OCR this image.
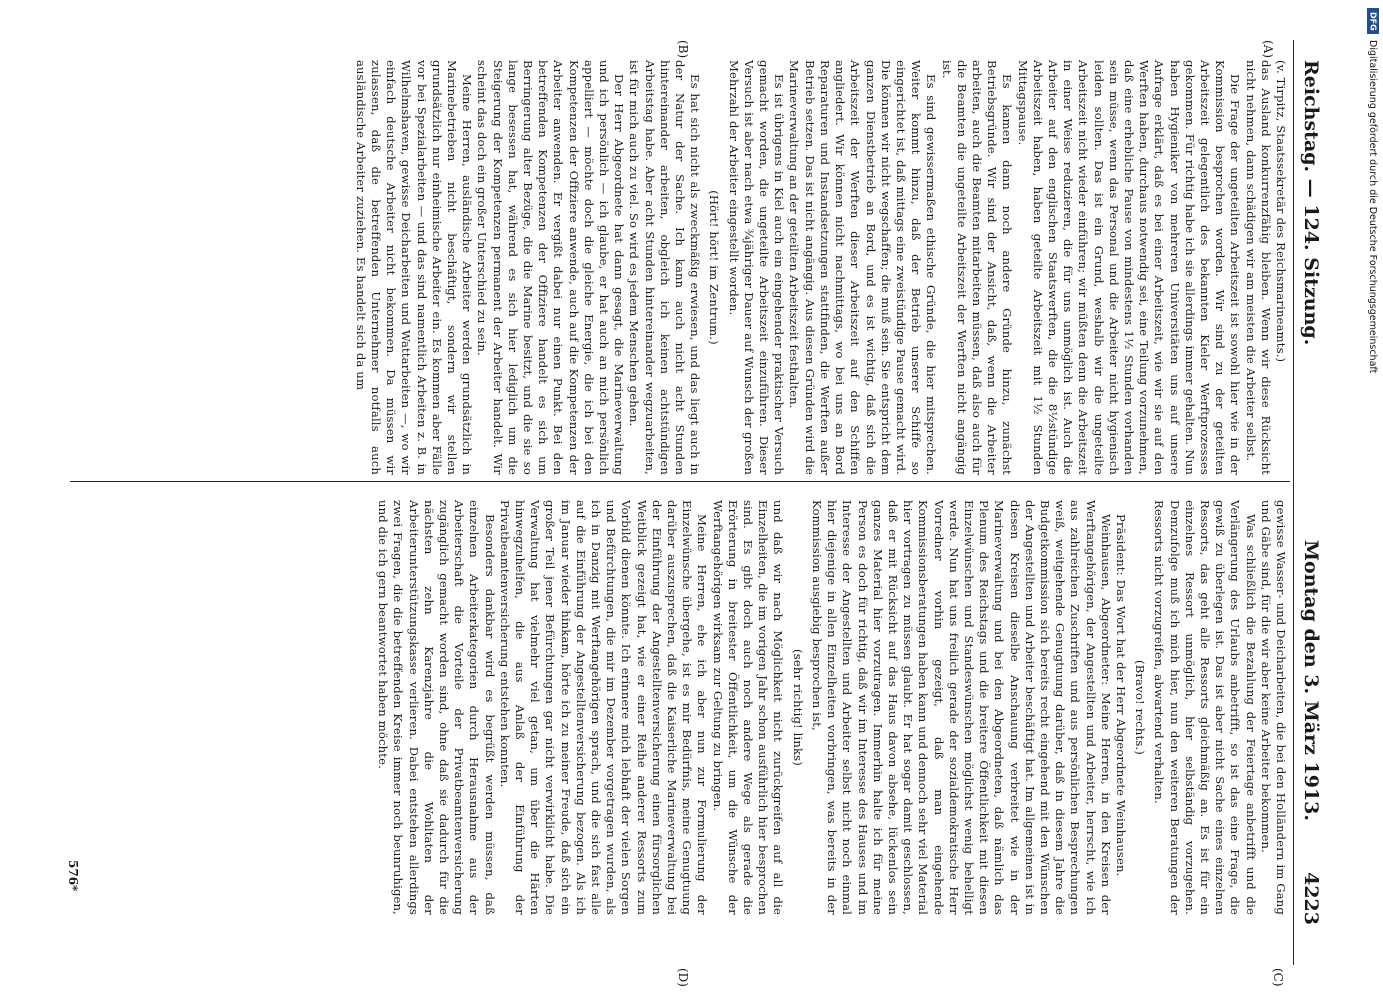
Reichstag. — 124. Sitzung.
4223
Montag den 3. März 1913.

(v. Tirpitz, Staatssekretär des Reichsmarineamts.)

das Ausland konkurrenzfähig bleiben. Wenn wir diese Rücksicht nicht nehmen, dann schädigen wir am meisten die Arbeiter selbst.

Die Frage der ungeteilten Arbeitszeit ist sowohl hier wie in der Kommission besprochen worden. Wir sind zu der geteilten Arbeitszeit gelegentlich des bekannten Kieler Werftprozesses gekommen. Für richtig habe ich sie allerdings immer gehalten. Nun haben Hygieniker von mehreren Universitäten uns auf unsere Anfrage erklärt, daß es bei einer Arbeitszeit, wie wir sie auf den Werften haben, durchaus notwendig sei, eine Teilung vorzunehmen, daß eine erhebliche Pause von mindestens 1½ Stunden vorhanden sein müsse, wenn das Personal und die Arbeiter nicht hygienisch leiden sollten. Das ist ein Grund, weshalb wir die ungeteilte Arbeitszeit nicht wieder einführen; wir müßten denn die Arbeitszeit in einer Weise reduzieren, die für uns unmöglich ist. Auch die Arbeiter auf den englischen Staatswerften, die die 8½stündige Arbeitszeit haben, haben geteilte Arbeitszeit mit 1½ Stunden Mittagspause.

Es kamen dann noch andere Gründe hinzu, zunächst Betriebsgründe. Wir sind der Ansicht, daß, wenn die Arbeiter arbeiten, auch die Beamten mitarbeiten müssen, daß also auch für die Beamten die ungeteilte Arbeitszeit der Werften nicht angängig ist.

Es sind gewissermaßen ethische Gründe, die hier mitsprechen. Weiter kommt hinzu, daß der Betrieb unserer Schiffe so eingerichtet ist, daß mittags eine zweistündige Pause gemacht wird. Die können wir nicht wegschaffen; die muß sein. Sie entspricht dem ganzen Dienstbetrieb an Bord, und es ist wichtig, daß sich die Arbeitszeit der Werften dieser Arbeitszeit auf den Schiffen angliedert. Wir können nicht nachmittags, wo bei uns an Bord Reparaturen und Instandsetzungen stattfinden, die Werften außer Betrieb setzen. Das ist nicht angängig. Aus diesen Gründen wird die Marineverwaltung an der geteilten Arbeitszeit festhalten.

Es ist übrigens in Kiel auch ein eingehender praktischer Versuch gemacht worden, die ungeteilte Arbeitszeit einzuführen. Dieser Versuch ist aber nach etwa ¾jähriger Dauer auf Wunsch der großen Mehrzahl der Arbeiter eingestellt worden.

(Hört! hört! im Zentrum.)

Es hat sich nicht als zweckmäßig erwiesen, und das liegt auch in der Natur der Sache. Ich kann auch nicht acht Stunden hintereinander arbeiten, obgleich ich keinen achtstündigen Arbeitstag habe. Aber acht Stunden hintereinander wegzuarbeiten, ist für mich auch zu viel. So wird es jedem Menschen gehen.

Der Herr Abgeordnete hat dann gesagt, die Marineverwaltung und ich persönlich — ich glaube, er hat auch an mich persönlich appelliert — möchte doch die gleiche Energie, die ich bei den Kompetenzen der Offiziere anwende, auch auf die Kompetenzen der Arbeiter anwenden. Er vergißt dabei nur einen Punkt. Bei den betreffenden Kompetenzen der Offiziere handelt es sich um Berringerung alter Bezüge, die die Marine besitzt, und die sie so lange besessen hat, während es sich hier lediglich um die Steigerung der Kompetenzen permanent der Arbeiter handelt. Wir scheint das doch ein großer Unterschied zu sein.

Meine Herren, ausländische Arbeiter werden grundsätzlich in Marinebetrieben nicht beschäftigt, sondern wir stellen grundsätzlich nur einheimische Arbeiter ein. Es kommen aber Fälle vor bei Spezialarbeiten — und das sind namentlich Arbeiten z. B. in Wilhelmshaven, gewisse Deicharbeiten und Wattarbeiten —, wo wir einfach deutsche Arbeiter nicht bekommen. Da müssen wir zulassen, daß die betreffenden Unternehmer notfalls auch ausländische Arbeiter zuziehen. Es handelt sich da um

gewisse Wasser- und Deicharbeiten, die bei den Holländern im Gang und Gäbe sind, für die wir aber keine Arbeiter bekommen.

Was schließlich die Bezahlung der Feiertage anbetrifft und die Verlängerung des Urlaubs anbetrifft, so ist das eine Frage, die gewiß zu überlegen ist. Das ist aber nicht Sache eines einzelnen Ressorts, das geht alle Ressorts gleichmäßig an. Es ist für ein einzelnes Ressort unmöglich, hier selbständig vorzugehen. Demzufolge muß ich mich hier, nun den weiteren Beratungen der Ressorts nicht vorzugreifen, abwartend verhalten.

(Bravo! rechts.)

Präsident: Das Wort hat der Herr Abgeordnete Weinhausen.

Weinhausen, Abgeordneter: Meine Herren, in den Kreisen der Werftangehörigen, der Angestellten und Arbeiter, herrscht, wie ich aus zahlreichen Zuschriften und aus persönlichen Besprechungen weiß, weitgehende Genugtuung darüber, daß in diesem Jahre die Budgetkommission sich bereits recht eingehend mit den Wünschen der Angestellten und Arbeiter beschäftigt hat. Im allgemeinen ist in diesen Kreisen dieselbe Anschauung verbreitet wie in der Marineverwaltung und bei den Abgeordneten, daß nämlich das Plenum des Reichstags und die breitere Öffentlichkeit mit diesen Einzelwünschen und Standeswünschen möglichst wenig behelligt werde. Nun hat uns freilich gerade der sozialdemokratische Herr Vorredner vorhin gezeigt, daß man eingehende Kommissionsberatungen haben kann und dennoch sehr viel Material hier vortragen zu müssen glaubt. Er hat sogar damit geschlossen, daß er mit Rücksicht auf das Haus davon absehe, lückenlos sein ganzes Material hier vorzutragen. Immerhin halte ich für meine Person es doch für richtig, daß wir im Interesse des Hauses und im Interesse der Angestellten und Arbeiter selbst nicht noch einmal hier diejenige in allen Einzelheiten vorbringen, was bereits in der Kommission ausgiebig besprochen ist,

(sehr richtig! links)

und daß wir nach Möglichkeit nicht zurückgreifen auf all die Einzelheiten, die im vorigen Jahr schon ausführlich hier besprochen sind. Es gibt doch auch noch andere Wege als gerade die Erörterung in breitester Öffentlichkeit, um die Wünsche der Werftangehörigen wirksam zur Geltung zu bringen.

Meine Herren, ehe ich aber nun zur Formulierung der Einzelwünsche übergehe, ist es mir Bedürfnis, meine Genugtuung darüber auszusprechen, daß die Kaiserliche Marineverwaltung bei der Einführung der Angestelltenversicherung einen fürsorglichen Weitblick gezeigt hat, wie er einer Reihe anderer Ressorts zum Vorbild dienen könnte. Ich erinnere mich lebhaft der vielen Sorgen und Befürchtungen, die mir im Dezember vorgetragen wurden, als ich in Danzig mit Werftangehörigen sprach, und die sich fast alle auf die Einführung der Angestelltenversicherung bezogen. Als ich im Januar wieder hinkam, hörte ich zu meiner Freude, daß sich ein großer Teil jener Befürchtungen gar nicht verwirklicht habe. Die Verwaltung hat vielmehr viel getan, um über die Härten hinwegzuhelfen, die aus Anlaß der Einführung der Privatbeamtenversicherung entstehen konnten.

Besonders dankbar wird es begrüßt werden müssen, daß einzelnen Arbeiterkategorien durch Herausnahme aus der Arbeiterschaft die Vorteile der Privatbeamtenversicherung zugänglich gemacht worden sind, ohne daß sie dadurch für die nächsten zehn Karenzjahre die Wohltaten der Arbeiterunterstützungskasse verlieren. Dabei entstehen allerdings zwei Fragen, die die betreffenden Kreise immer noch beunruhigen, und die ich gern beantwortet haben möchte.

(A)
(B)
(C)
(D)
576*
DFG
Digitalisierung gefördert durch die Deutsche Forschungsgemeinschaft
